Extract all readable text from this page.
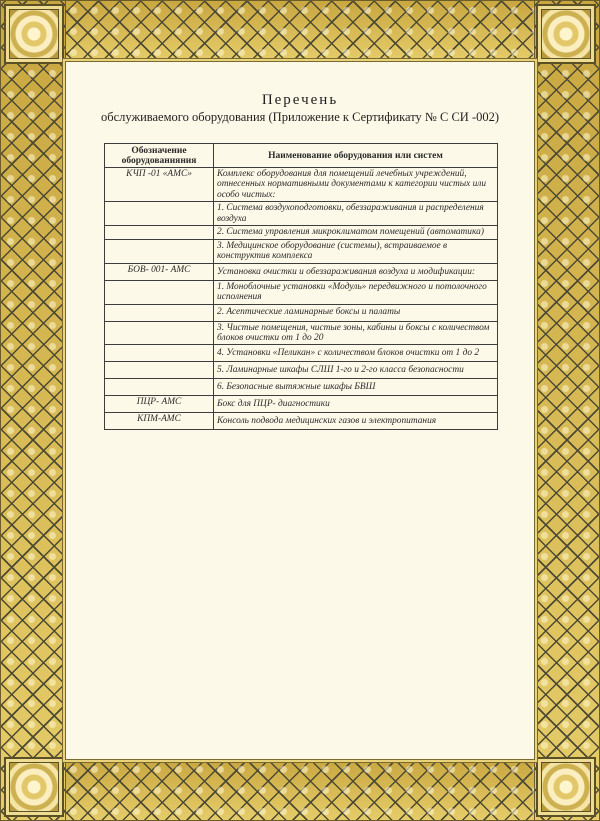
Перечень
обслуживаемого оборудования (Приложение к Сертификату № С СИ -002)
Обозначение оборудованияния	Наименование оборудования или систем
КЧП -01 «АМС»	Комплекс оборудования для помещений лечебных учреждений, отнесенных нормативными документами к категории чистых или особо чистых:
	1. Система воздухоподготовки, обеззараживания и распределения воздуха
	2. Система управления микроклиматом помещений (автоматика)
	3. Медицинское оборудование (системы), встраиваемое в конструктив комплекса
БОВ- 001- АМС	Установка очистки и обеззараживания воздуха и модификации:
	1. Моноблочные установки «Модуль» передвижного и потолочного исполнения
	2. Асептические ламинарные боксы и палаты
	3. Чистые помещения, чистые зоны, кабины и боксы с количеством блоков очистки от 1 до 20
	4. Установки «Пеликан» с количеством блоков очистки от 1 до 2
	5. Ламинарные шкафы СЛШ 1-го и 2-го класса безопасности
	6. Безопасные вытяжные шкафы БВШ
ПЦР- АМС	Бокс для ПЦР- диагностики
КПМ-АМС	Консоль подвода медицинских газов и электропитания
